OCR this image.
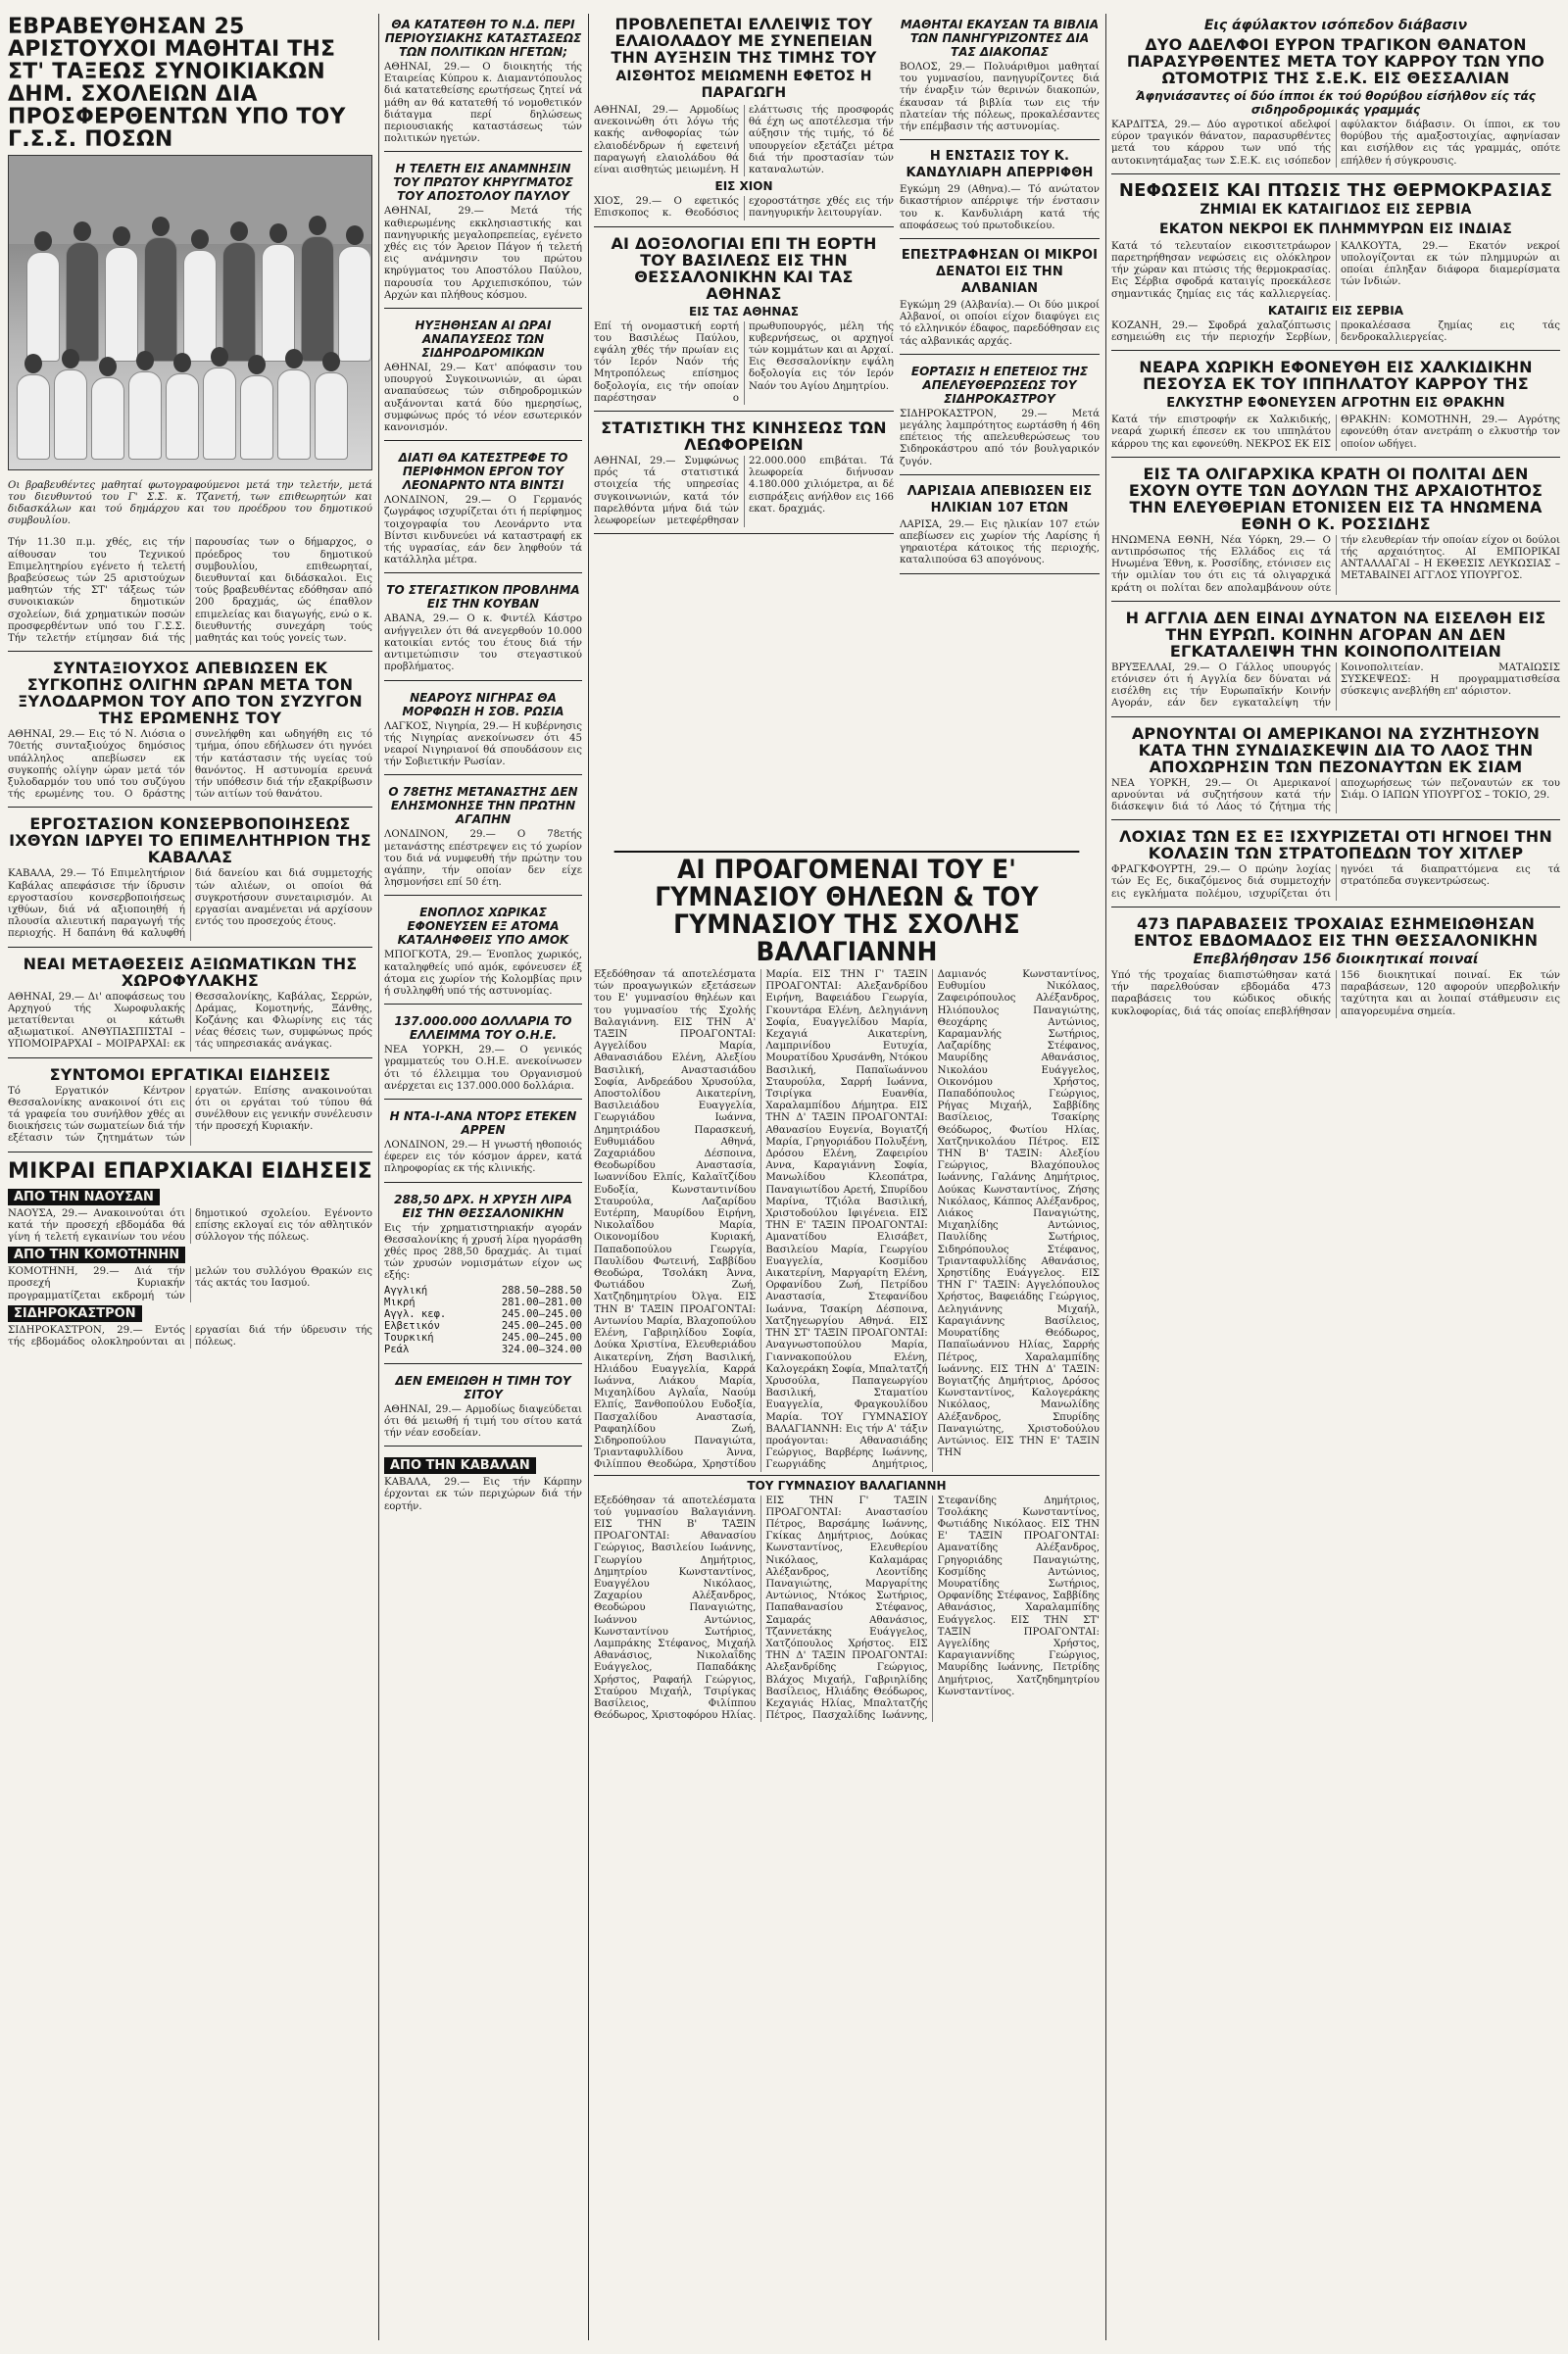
ΕΒΡΑΒΕΥΘΗΣΑΝ 25 ΑΡΙΣΤΟΥΧΟΙ ΜΑΘΗΤΑΙ ΤΗΣ ΣΤ' ΤΑΞΕΩΣ ΣΥΝΟΙΚΙΑΚΩΝ ΔΗΜ. ΣΧΟΛΕΙΩΝ ΔΙΑ ΠΡΟΣΦΕΡΘΕΝΤΩΝ ΥΠΟ ΤΟΥ Γ.Σ.Σ. ΠΟΣΩΝ

Οι βραβευθέντες μαθηταί φωτογραφούμενοι μετά την τελετήν, μετά του διευθυντού του Γ' Σ.Σ. κ. Τζανετή, των επιθεωρητών και διδασκάλων και τού δημάρχου και του προέδρου του δημοτικού συμβουλίου.

Τήν 11.30 π.μ. χθές, εις τήν αίθουσαν του Τεχνικού Επιμελητηρίου εγένετο ή τελετή βραβεύσεως τών 25 αριστούχων μαθητών τής ΣΤ' τάξεως τών συνοικιακών δημοτικών σχολείων, διά χρηματικών ποσών προσφερθέντων υπό του Γ.Σ.Σ. Τήν τελετήν ετίμησαν διά τής παρουσίας των ο δήμαρχος, ο πρόεδρος του δημοτικού συμβουλίου, επιθεωρηταί, διευθυνταί και διδάσκαλοι. Εις τούς βραβευθέντας εδόθησαν από 200 δραχμάς, ώς έπαθλον επιμελείας και διαγωγής, ενώ ο κ. διευθυντής συνεχάρη τούς μαθητάς και τούς γονείς των.

ΣΥΝΤΑΞΙΟΥΧΟΣ ΑΠΕΒΙΩΣΕΝ ΕΚ ΣΥΓΚΟΠΗΣ ΟΛΙΓΗΝ ΩΡΑΝ ΜΕΤΑ ΤΟΝ ΞΥΛΟΔΑΡΜΟΝ ΤΟΥ ΑΠΟ ΤΟΝ ΣΥΖΥΓΟΝ ΤΗΣ ΕΡΩΜΕΝΗΣ ΤΟΥ

ΑΘΗΝΑΙ, 29.— Εις τό Ν. Λιόσια ο 70ετής συνταξιούχος δημόσιος υπάλληλος απεβίωσεν εκ συγκοπής ολίγην ώραν μετά τόν ξυλοδαρμόν του υπό του συζύγου τής ερωμένης του. Ο δράστης συνελήφθη και ωδηγήθη εις τό τμήμα, όπου εδήλωσεν ότι ηγνόει τήν κατάστασιν τής υγείας τού θανόντος. Η αστυνομία ερευνά τήν υπόθεσιν διά τήν εξακρίβωσιν τών αιτίων τού θανάτου.

ΕΡΓΟΣΤΑΣΙΟΝ ΚΟΝΣΕΡΒΟΠΟΙΗΣΕΩΣ ΙΧΘΥΩΝ ΙΔΡΥΕΙ ΤΟ ΕΠΙΜΕΛΗΤΗΡΙΟΝ ΤΗΣ ΚΑΒΑΛΑΣ

ΚΑΒΑΛΑ, 29.— Τό Επιμελητήριον Καβάλας απεφάσισε τήν ίδρυσιν εργοστασίου κονσερβοποιήσεως ιχθύων, διά νά αξιοποιηθή ή πλουσία αλιευτική παραγωγή τής περιοχής. Η δαπάνη θά καλυφθή διά δανείου και διά συμμετοχής τών αλιέων, οι οποίοι θά συγκροτήσουν συνεταιρισμόν. Αι εργασίαι αναμένεται νά αρχίσουν εντός του προσεχούς έτους.

ΝΕΑΙ ΜΕΤΑΘΕΣΕΙΣ ΑΞΙΩΜΑΤΙΚΩΝ ΤΗΣ ΧΩΡΟΦΥΛΑΚΗΣ

ΑΘΗΝΑΙ, 29.— Δι' αποφάσεως του Αρχηγού τής Χωροφυλακής μετατίθενται οι κάτωθι αξιωματικοί. ΑΝΘΥΠΑΣΠΙΣΤΑΙ – ΥΠΟΜΟΙΡΑΡΧΑΙ – ΜΟΙΡΑΡΧΑΙ: εκ Θεσσαλονίκης, Καβάλας, Σερρών, Δράμας, Κομοτηνής, Ξάνθης, Κοζάνης και Φλωρίνης εις τάς νέας θέσεις των, συμφώνως πρός τάς υπηρεσιακάς ανάγκας.

ΣΥΝΤΟΜΟΙ ΕΡΓΑΤΙΚΑΙ ΕΙΔΗΣΕΙΣ

Τό Εργατικόν Κέντρον Θεσσαλονίκης ανακοινοί ότι εις τά γραφεία του συνήλθον χθές αι διοικήσεις τών σωματείων διά τήν εξέτασιν τών ζητημάτων τών εργατών. Επίσης ανακοινούται ότι οι εργάται τού τύπου θά συνέλθουν εις γενικήν συνέλευσιν τήν προσεχή Κυριακήν.

ΜΙΚΡΑΙ ΕΠΑΡΧΙΑΚΑΙ ΕΙΔΗΣΕΙΣ
ΑΠΟ ΤΗΝ ΝΑΟΥΣΑΝ

ΝΑΟΥΣΑ, 29.— Ανακοινούται ότι κατά τήν προσεχή εβδομάδα θά γίνη ή τελετή εγκαινίων του νέου δημοτικού σχολείου. Εγένοντο επίσης εκλογαί εις τόν αθλητικόν σύλλογον τής πόλεως.

ΑΠΟ ΤΗΝ ΚΟΜΟΤΗΝΗΝ

ΚΟΜΟΤΗΝΗ, 29.— Διά τήν προσεχή Κυριακήν προγραμματίζεται εκδρομή τών μελών του συλλόγου Θρακών εις τάς ακτάς του Ιασμού.

ΣΙΔΗΡΟΚΑΣΤΡΟΝ

ΣΙΔΗΡΟΚΑΣΤΡΟΝ, 29.— Εντός τής εβδομάδος ολοκληρούνται αι εργασίαι διά τήν ύδρευσιν τής πόλεως.

ΘΑ ΚΑΤΑΤΕΘΗ ΤΟ Ν.Δ. ΠΕΡΙ ΠΕΡΙΟΥΣΙΑΚΗΣ ΚΑΤΑΣΤΑΣΕΩΣ ΤΩΝ ΠΟΛΙΤΙΚΩΝ ΗΓΕΤΩΝ;

ΑΘΗΝΑΙ, 29.— Ο διοικητής τής Εταιρείας Κύπρου κ. Διαμαντόπουλος διά κατατεθείσης ερωτήσεως ζητεί νά μάθη αν θά κατατεθή τό νομοθετικόν διάταγμα περί δηλώσεως περιουσιακής καταστάσεως τών πολιτικών ηγετών.

Η ΤΕΛΕΤΗ ΕΙΣ ΑΝΑΜΝΗΣΙΝ ΤΟΥ ΠΡΩΤΟΥ ΚΗΡΥΓΜΑΤΟΣ ΤΟΥ ΑΠΟΣΤΟΛΟΥ ΠΑΥΛΟΥ

ΑΘΗΝΑΙ, 29.— Μετά τής καθιερωμένης εκκλησιαστικής και πανηγυρικής μεγαλοπρεπείας, εγένετο χθές εις τόν Άρειον Πάγον ή τελετή εις ανάμνησιν του πρώτου κηρύγματος του Αποστόλου Παύλου, παρουσία του Αρχιεπισκόπου, τών Αρχών και πλήθους κόσμου.

ΗΥΞΗΘΗΣΑΝ ΑΙ ΩΡΑΙ ΑΝΑΠΑΥΣΕΩΣ ΤΩΝ ΣΙΔΗΡΟΔΡΟΜΙΚΩΝ

ΑΘΗΝΑΙ, 29.— Κατ' απόφασιν του υπουργού Συγκοινωνιών, αι ώραι αναπαύσεως τών σιδηροδρομικών αυξάνονται κατά δύο ημερησίως, συμφώνως πρός τό νέον εσωτερικόν κανονισμόν.

ΔΙΑΤΙ ΘΑ ΚΑΤΕΣΤΡΕΦΕ ΤΟ ΠΕΡΙΦΗΜΟΝ ΕΡΓΟΝ ΤΟΥ ΛΕΟΝΑΡΝΤΟ ΝΤΑ ΒΙΝΤΣΙ

ΛΟΝΔΙΝΟΝ, 29.— Ο Γερμανός ζωγράφος ισχυρίζεται ότι ή περίφημος τοιχογραφία του Λεονάρντο ντα Βίντσι κινδυνεύει νά καταστραφή εκ τής υγρασίας, εάν δεν ληφθούν τά κατάλληλα μέτρα.

ΤΟ ΣΤΕΓΑΣΤΙΚΟΝ ΠΡΟΒΛΗΜΑ ΕΙΣ ΤΗΝ ΚΟΥΒΑΝ

ΑΒΑΝΑ, 29.— Ο κ. Φιντέλ Κάστρο ανήγγειλεν ότι θά ανεγερθούν 10.000 κατοικίαι εντός του έτους διά τήν αντιμετώπισιν του στεγαστικού προβλήματος.

ΝΕΑΡΟΥΣ ΝΙΓΗΡΑΣ ΘΑ ΜΟΡΦΩΣΗ Η ΣΟΒ. ΡΩΣΙΑ

ΛΑΓΚΟΣ, Νιγηρία, 29.— Η κυβέρνησις τής Νιγηρίας ανεκοίνωσεν ότι 45 νεαροί Νιγηριανοί θά σπουδάσουν εις τήν Σοβιετικήν Ρωσίαν.

Ο 78ΕΤΗΣ ΜΕΤΑΝΑΣΤΗΣ ΔΕΝ ΕΛΗΣΜΟΝΗΣΕ ΤΗΝ ΠΡΩΤΗΝ ΑΓΑΠΗΝ

ΛΟΝΔΙΝΟΝ, 29.— Ο 78ετής μετανάστης επέστρεψεν εις τό χωρίον του διά νά νυμφευθή τήν πρώτην του αγάπην, τήν οποίαν δεν είχε λησμονήσει επί 50 έτη.

ΕΝΟΠΛΟΣ ΧΩΡΙΚΑΣ ΕΦΟΝΕΥΣΕΝ ΕΞ ΑΤΟΜΑ ΚΑΤΑΛΗΦΘΕΙΣ ΥΠΟ ΑΜΟΚ

ΜΠΟΓΚΟΤΑ, 29.— Ένοπλος χωρικός, καταληφθείς υπό αμόκ, εφόνευσεν έξ άτομα εις χωρίον τής Κολομβίας πριν ή συλληφθή υπό τής αστυνομίας.

137.000.000 ΔΟΛΛΑΡΙΑ ΤΟ ΕΛΛΕΙΜΜΑ ΤΟΥ Ο.Η.Ε.

ΝΕΑ ΥΟΡΚΗ, 29.— Ο γενικός γραμματεύς του Ο.Η.Ε. ανεκοίνωσεν ότι τό έλλειμμα του Οργανισμού ανέρχεται εις 137.000.000 δολλάρια.

Η ΝΤΑ-Ι-ΑΝΑ ΝΤΟΡΣ ΕΤΕΚΕΝ ΑΡΡΕΝ

ΛΟΝΔΙΝΟΝ, 29.— Η γνωστή ηθοποιός έφερεν εις τόν κόσμον άρρεν, κατά πληροφορίας εκ τής κλινικής.

288,50 ΔΡΧ. Η ΧΡΥΣΗ ΛΙΡΑ ΕΙΣ ΤΗΝ ΘΕΣΣΑΛΟΝΙΚΗΝ

Εις τήν χρηματιστηριακήν αγοράν Θεσσαλονίκης ή χρυσή λίρα ηγοράσθη χθές προς 288,50 δραχμάς. Αι τιμαί τών χρυσών νομισμάτων είχον ως εξής:

Αγγλική	288.50—288.50
Μικρή	281.00—281.00
Αγγλ. κεφ.	245.00—245.00
Ελβετικόν	245.00—245.00
Τουρκική	245.00—245.00
Ρεάλ	324.00—324.00
ΔΕΝ ΕΜΕΙΩΘΗ Η ΤΙΜΗ ΤΟΥ ΣΙΤΟΥ

ΑΘΗΝΑΙ, 29.— Αρμοδίως διαψεύδεται ότι θά μειωθή ή τιμή του σίτου κατά τήν νέαν εσοδείαν.

ΑΠΟ ΤΗΝ ΚΑΒΑΛΑΝ

ΚΑΒΑΛΑ, 29.— Εις τήν Κάρπην έρχονται εκ τών περιχώρων διά τήν εορτήν.

ΠΡΟΒΛΕΠΕΤΑΙ ΕΛΛΕΙΨΙΣ ΤΟΥ ΕΛΑΙΟΛΑΔΟΥ ΜΕ ΣΥΝΕΠΕΙΑΝ ΤΗΝ ΑΥΞΗΣΙΝ ΤΗΣ ΤΙΜΗΣ ΤΟΥ
ΑΙΣΘΗΤΟΣ ΜΕΙΩΜΕΝΗ ΕΦΕΤΟΣ Η ΠΑΡΑΓΩΓΗ

ΑΘΗΝΑΙ, 29.— Αρμοδίως ανεκοινώθη ότι λόγω τής κακής ανθοφορίας τών ελαιοδένδρων ή εφετεινή παραγωγή ελαιολάδου θά είναι αισθητώς μειωμένη. Η ελάττωσις τής προσφοράς θά έχη ως αποτέλεσμα τήν αύξησιν τής τιμής, τό δέ υπουργείον εξετάζει μέτρα διά τήν προστασίαν τών καταναλωτών.

ΕΙΣ ΧΙΟΝ

ΧΙΟΣ, 29.— Ο εφετικός Επισκοπος κ. Θεοδόσιος εχοροστάτησε χθές εις τήν πανηγυρικήν λειτουργίαν.

ΑΙ ΔΟΞΟΛΟΓΙΑΙ ΕΠΙ ΤΗ ΕΟΡΤΗ ΤΟΥ ΒΑΣΙΛΕΩΣ ΕΙΣ ΤΗΝ ΘΕΣΣΑΛΟΝΙΚΗΝ ΚΑΙ ΤΑΣ ΑΘΗΝΑΣ
ΕΙΣ ΤΑΣ ΑΘΗΝΑΣ

Επί τή ονομαστική εορτή του Βασιλέως Παύλου, εψάλη χθές τήν πρωίαν εις τόν Ιερόν Ναόν τής Μητροπόλεως επίσημος δοξολογία, εις τήν οποίαν παρέστησαν ο πρωθυπουργός, μέλη τής κυβερνήσεως, οι αρχηγοί τών κομμάτων και αι Αρχαί. Εις Θεσσαλονίκην εψάλη δοξολογία εις τόν Ιερόν Ναόν του Αγίου Δημητρίου.

ΣΤΑΤΙΣΤΙΚΗ ΤΗΣ ΚΙΝΗΣΕΩΣ ΤΩΝ ΛΕΩΦΟΡΕΙΩΝ

ΑΘΗΝΑΙ, 29.— Συμφώνως πρός τά στατιστικά στοιχεία τής υπηρεσίας συγκοινωνιών, κατά τόν παρελθόντα μήνα διά τών λεωφορείων μετεφέρθησαν 22.000.000 επιβάται. Τά λεωφορεία διήνυσαν 4.180.000 χιλιόμετρα, αι δέ εισπράξεις ανήλθον εις 166 εκατ. δραχμάς.

ΜΑΘΗΤΑΙ ΕΚΑΥΣΑΝ ΤΑ ΒΙΒΛΙΑ ΤΩΝ ΠΑΝΗΓΥΡΙΖΟΝΤΕΣ ΔΙΑ ΤΑΣ ΔΙΑΚΟΠΑΣ

ΒΟΛΟΣ, 29.— Πολυάριθμοι μαθηταί του γυμνασίου, πανηγυρίζοντες διά τήν έναρξιν τών θερινών διακοπών, έκαυσαν τά βιβλία των εις τήν πλατείαν τής πόλεως, προκαλέσαντες τήν επέμβασιν τής αστυνομίας.

Η ΕΝΣΤΑΣΙΣ ΤΟΥ Κ. ΚΑΝΔΥΛΙΑΡΗ ΑΠΕΡΡΙΦΘΗ

Εγκώμη 29 (Αθηνα).— Τό ανώτατον δικαστήριον απέρριψε τήν ένστασιν του κ. Κανδυλιάρη κατά τής αποφάσεως τού πρωτοδικείου.

ΕΠΕΣΤΡΑΦΗΣΑΝ ΟΙ ΜΙΚΡΟΙ ΔΕΝΑΤΟΙ ΕΙΣ ΤΗΝ ΑΛΒΑΝΙΑΝ

Εγκώμη 29 (Αλβανία).— Οι δύο μικροί Αλβανοί, οι οποίοι είχον διαφύγει εις τό ελληνικόν έδαφος, παρεδόθησαν εις τάς αλβανικάς αρχάς.

ΕΟΡΤΑΣΙΣ Η ΕΠΕΤΕΙΟΣ ΤΗΣ ΑΠΕΛΕΥΘΕΡΩΣΕΩΣ ΤΟΥ ΣΙΔΗΡΟΚΑΣΤΡΟΥ

ΣΙΔΗΡΟΚΑΣΤΡΟΝ, 29.— Μετά μεγάλης λαμπρότητος εωρτάσθη ή 46η επέτειος τής απελευθερώσεως του Σιδηροκάστρου από τόν βουλγαρικόν ζυγόν.

ΛΑΡΙΣΑΙΑ ΑΠΕΒΙΩΣΕΝ ΕΙΣ ΗΛΙΚΙΑΝ 107 ΕΤΩΝ

ΛΑΡΙΣΑ, 29.— Εις ηλικίαν 107 ετών απεβίωσεν εις χωρίον τής Λαρίσης ή γηραιοτέρα κάτοικος τής περιοχής, καταλιπούσα 63 απογόνους.

ΑΙ ΠΡΟΑΓΟΜΕΝΑΙ ΤΟΥ Ε' ΓΥΜΝΑΣΙΟΥ ΘΗΛΕΩΝ & ΤΟΥ ΓΥΜΝΑΣΙΟΥ ΤΗΣ ΣΧΟΛΗΣ ΒΑΛΑΓΙΑΝΝΗ

Εξεδόθησαν τά αποτελέσματα τών προαγωγικών εξετάσεων του Ε' γυμνασίου θηλέων και του γυμνασίου τής Σχολής Βαλαγιάννη. ΕΙΣ ΤΗΝ Α' ΤΑΞΙΝ ΠΡΟΑΓΟΝΤΑΙ: Αγγελίδου Μαρία, Αθανασιάδου Ελένη, Αλεξίου Βασιλική, Αναστασιάδου Σοφία, Ανδρεάδου Χρυσούλα, Αποστολίδου Αικατερίνη, Βασιλειάδου Ευαγγελία, Γεωργιάδου Ιωάννα, Δημητριάδου Παρασκευή, Ευθυμιάδου Αθηνά, Ζαχαριάδου Δέσποινα, Θεοδωρίδου Αναστασία, Ιωαννίδου Ελπίς, Καλαϊτζίδου Ευδοξία, Κωνσταντινίδου Σταυρούλα, Λαζαρίδου Ευτέρπη, Μαυρίδου Ειρήνη, Νικολαΐδου Μαρία, Οικονομίδου Κυριακή, Παπαδοπούλου Γεωργία, Παυλίδου Φωτεινή, Σαββίδου Θεοδώρα, Τσολάκη Άννα, Φωτιάδου Ζωή, Χατζηδημητρίου Όλγα. ΕΙΣ ΤΗΝ Β' ΤΑΞΙΝ ΠΡΟΑΓΟΝΤΑΙ: Αντωνίου Μαρία, Βλαχοπούλου Ελένη, Γαβριηλίδου Σοφία, Δούκα Χριστίνα, Ελευθεριάδου Αικατερίνη, Ζήση Βασιλική, Ηλιάδου Ευαγγελία, Καρρά Ιωάννα, Λιάκου Μαρία, Μιχαηλίδου Αγλαΐα, Ναούμ Ελπίς, Ξανθοπούλου Ευδοξία, Πασχαλίδου Αναστασία, Ραφαηλίδου Ζωή, Σιδηροπούλου Παναγιώτα, Τριανταφυλλίδου Άννα, Φιλίππου Θεοδώρα, Χρηστίδου Μαρία. ΕΙΣ ΤΗΝ Γ' ΤΑΞΙΝ ΠΡΟΑΓΟΝΤΑΙ: Αλεξανδρίδου Ειρήνη, Βαφειάδου Γεωργία, Γκουντάρα Ελένη, Δεληγιάννη Σοφία, Ευαγγελίδου Μαρία, Κεχαγιά Αικατερίνη, Λαμπρινίδου Ευτυχία, Μουρατίδου Χρυσάνθη, Ντόκου Βασιλική, Παπαϊωάννου Σταυρούλα, Σαρρή Ιωάννα, Τσιρίγκα Ευανθία, Χαραλαμπίδου Δήμητρα. ΕΙΣ ΤΗΝ Δ' ΤΑΞΙΝ ΠΡΟΑΓΟΝΤΑΙ: Αθανασίου Ευγενία, Βογιατζή Μαρία, Γρηγοριάδου Πολυξένη, Δρόσου Ελένη, Ζαφειρίου Αννα, Καραγιάννη Σοφία, Μανωλίδου Κλεοπάτρα, Παναγιωτίδου Αρετή, Σπυρίδου Μαρίνα, Τζιόλα Βασιλική, Χριστοδούλου Ιφιγένεια. ΕΙΣ ΤΗΝ Ε' ΤΑΞΙΝ ΠΡΟΑΓΟΝΤΑΙ: Αμανατίδου Ελισάβετ, Βασιλείου Μαρία, Γεωργίου Ευαγγελία, Κοσμίδου Αικατερίνη, Μαργαρίτη Ελένη, Ορφανίδου Ζωή, Πετρίδου Αναστασία, Στεφανίδου Ιωάννα, Τσακίρη Δέσποινα, Χατζηγεωργίου Αθηνά. ΕΙΣ ΤΗΝ ΣΤ' ΤΑΞΙΝ ΠΡΟΑΓΟΝΤΑΙ: Αναγνωστοπούλου Μαρία, Γιαννακοπούλου Ελένη, Καλογεράκη Σοφία, Μπαλτατζή Χρυσούλα, Παπαγεωργίου Βασιλική, Σταματίου Ευαγγελία, Φραγκουλίδου Μαρία. ΤΟΥ ΓΥΜΝΑΣΙΟΥ ΒΑΛΑΓΙΑΝΝΗ: Εις τήν Α' τάξιν προάγονται: Αθανασιάδης Γεώργιος, Βαρβέρης Ιωάννης, Γεωργιάδης Δημήτριος, Δαμιανός Κωνσταντίνος, Ευθυμίου Νικόλαος, Ζαφειρόπουλος Αλέξανδρος, Ηλιόπουλος Παναγιώτης, Θεοχάρης Αντώνιος, Καραμανλής Σωτήριος, Λαζαρίδης Στέφανος, Μαυρίδης Αθανάσιος, Νικολάου Ευάγγελος, Οικονόμου Χρήστος, Παπαδόπουλος Γεώργιος, Ρήγας Μιχαήλ, Σαββίδης Βασίλειος, Τσακίρης Θεόδωρος, Φωτίου Ηλίας, Χατζηνικολάου Πέτρος. ΕΙΣ ΤΗΝ Β' ΤΑΞΙΝ: Αλεξίου Γεώργιος, Βλαχόπουλος Ιωάννης, Γαλάνης Δημήτριος, Δούκας Κωνσταντίνος, Ζήσης Νικόλαος, Κάππος Αλέξανδρος, Λιάκος Παναγιώτης, Μιχαηλίδης Αντώνιος, Παυλίδης Σωτήριος, Σιδηρόπουλος Στέφανος, Τριανταφυλλίδης Αθανάσιος, Χρηστίδης Ευάγγελος. ΕΙΣ ΤΗΝ Γ' ΤΑΞΙΝ: Αγγελόπουλος Χρήστος, Βαφειάδης Γεώργιος, Δεληγιάννης Μιχαήλ, Καραγιάννης Βασίλειος, Μουρατίδης Θεόδωρος, Παπαϊωάννου Ηλίας, Σαρρής Πέτρος, Χαραλαμπίδης Ιωάννης. ΕΙΣ ΤΗΝ Δ' ΤΑΞΙΝ: Βογιατζής Δημήτριος, Δρόσος Κωνσταντίνος, Καλογεράκης Νικόλαος, Μανωλίδης Αλέξανδρος, Σπυρίδης Παναγιώτης, Χριστοδούλου Αντώνιος. ΕΙΣ ΤΗΝ Ε' ΤΑΞΙΝ ΤΗΝ

ΤΟΥ ΓΥΜΝΑΣΙΟΥ ΒΑΛΑΓΙΑΝΝΗ

Εξεδόθησαν τά αποτελέσματα τού γυμνασίου Βαλαγιάννη. ΕΙΣ ΤΗΝ Β' ΤΑΞΙΝ ΠΡΟΑΓΟΝΤΑΙ: Αθανασίου Γεώργιος, Βασιλείου Ιωάννης, Γεωργίου Δημήτριος, Δημητρίου Κωνσταντίνος, Ευαγγέλου Νικόλαος, Ζαχαρίου Αλέξανδρος, Θεοδώρου Παναγιώτης, Ιωάννου Αντώνιος, Κωνσταντίνου Σωτήριος, Λαμπράκης Στέφανος, Μιχαήλ Αθανάσιος, Νικολαΐδης Ευάγγελος, Παπαδάκης Χρήστος, Ραφαήλ Γεώργιος, Σταύρου Μιχαήλ, Τσιρίγκας Βασίλειος, Φιλίππου Θεόδωρος, Χριστοφόρου Ηλίας. ΕΙΣ ΤΗΝ Γ' ΤΑΞΙΝ ΠΡΟΑΓΟΝΤΑΙ: Αναστασίου Πέτρος, Βαρσάμης Ιωάννης, Γκίκας Δημήτριος, Δούκας Κωνσταντίνος, Ελευθερίου Νικόλαος, Καλαμάρας Αλέξανδρος, Λεοντίδης Παναγιώτης, Μαργαρίτης Αντώνιος, Ντόκος Σωτήριος, Παπαθανασίου Στέφανος, Σαμαράς Αθανάσιος, Τζαννετάκης Ευάγγελος, Χατζόπουλος Χρήστος. ΕΙΣ ΤΗΝ Δ' ΤΑΞΙΝ ΠΡΟΑΓΟΝΤΑΙ: Αλεξανδρίδης Γεώργιος, Βλάχος Μιχαήλ, Γαβριηλίδης Βασίλειος, Ηλιάδης Θεόδωρος, Κεχαγιάς Ηλίας, Μπαλτατζής Πέτρος, Πασχαλίδης Ιωάννης, Στεφανίδης Δημήτριος, Τσολάκης Κωνσταντίνος, Φωτιάδης Νικόλαος. ΕΙΣ ΤΗΝ Ε' ΤΑΞΙΝ ΠΡΟΑΓΟΝΤΑΙ: Αμανατίδης Αλέξανδρος, Γρηγοριάδης Παναγιώτης, Κοσμίδης Αντώνιος, Μουρατίδης Σωτήριος, Ορφανίδης Στέφανος, Σαββίδης Αθανάσιος, Χαραλαμπίδης Ευάγγελος. ΕΙΣ ΤΗΝ ΣΤ' ΤΑΞΙΝ ΠΡΟΑΓΟΝΤΑΙ: Αγγελίδης Χρήστος, Καραγιαννίδης Γεώργιος, Μαυρίδης Ιωάννης, Πετρίδης Δημήτριος, Χατζηδημητρίου Κωνσταντίνος.

Εις άφύλακτον ισόπεδον διάβασιν
ΔΥΟ ΑΔΕΛΦΟΙ ΕΥΡΟΝ ΤΡΑΓΙΚΟΝ ΘΑΝΑΤΟΝ ΠΑΡΑΣΥΡΘΕΝΤΕΣ ΜΕΤΑ ΤΟΥ ΚΑΡΡΟΥ ΤΩΝ ΥΠΟ ΩΤΟΜΟΤΡΙΣ ΤΗΣ Σ.Ε.Κ. ΕΙΣ ΘΕΣΣΑΛΙΑΝ
Άφηνιάσαντες οί δύο ίπποι έκ τού θορύβου είσήλθον είς τάς σιδηροδρομικάς γραμμάς

ΚΑΡΔΙΤΣΑ, 29.— Δύο αγροτικοί αδελφοί εύρον τραγικόν θάνατον, παρασυρθέντες μετά του κάρρου των υπό τής αυτοκινητάμαξας των Σ.Ε.Κ. εις ισόπεδον αφύλακτον διάβασιν. Οι ίπποι, εκ του θορύβου τής αμαξοστοιχίας, αφηνίασαν και εισήλθον εις τάς γραμμάς, οπότε επήλθεν ή σύγκρουσις.

ΝΕΦΩΣΕΙΣ ΚΑΙ ΠΤΩΣΙΣ ΤΗΣ ΘΕΡΜΟΚΡΑΣΙΑΣ
ΖΗΜΙΑΙ ΕΚ ΚΑΤΑΙΓΙΔΟΣ ΕΙΣ ΣΕΡΒΙΑ
ΕΚΑΤΟΝ ΝΕΚΡΟΙ ΕΚ ΠΛΗΜΜΥΡΩΝ ΕΙΣ ΙΝΔΙΑΣ

Κατά τό τελευταίον εικοσιτετράωρον παρετηρήθησαν νεφώσεις εις ολόκληρον τήν χώραν και πτώσις τής θερμοκρασίας. Εις Σέρβια σφοδρά καταιγίς προεκάλεσε σημαντικάς ζημίας εις τάς καλλιεργείας. ΚΑΛΚΟΥΤΑ, 29.— Εκατόν νεκροί υπολογίζονται εκ τών πλημμυρών αι οποίαι έπληξαν διάφορα διαμερίσματα τών Ινδιών.

ΚΑΤΑΙΓΙΣ ΕΙΣ ΣΕΡΒΙΑ

ΚΟΖΑΝΗ, 29.— Σφοδρά χαλαζόπτωσις εσημειώθη εις τήν περιοχήν Σερβίων, προκαλέσασα ζημίας εις τάς δενδροκαλλιεργείας.

ΝΕΑΡΑ ΧΩΡΙΚΗ ΕΦΟΝΕΥΘΗ ΕΙΣ ΧΑΛΚΙΔΙΚΗΝ ΠΕΣΟΥΣΑ ΕΚ ΤΟΥ ΙΠΠΗΛΑΤΟΥ ΚΑΡΡΟΥ ΤΗΣ
ΕΛΚΥΣΤΗΡ ΕΦΟΝΕΥΣΕΝ ΑΓΡΟΤΗΝ ΕΙΣ ΘΡΑΚΗΝ

Κατά τήν επιστροφήν εκ Χαλκιδικής, νεαρά χωρική έπεσεν εκ του ιππηλάτου κάρρου της και εφονεύθη. ΝΕΚΡΟΣ ΕΚ ΕΙΣ ΘΡΑΚΗΝ: ΚΟΜΟΤΗΝΗ, 29.— Αγρότης εφονεύθη όταν ανετράπη ο ελκυστήρ τον οποίον ωδήγει.

ΕΙΣ ΤΑ ΟΛΙΓΑΡΧΙΚΑ ΚΡΑΤΗ ΟΙ ΠΟΛΙΤΑΙ ΔΕΝ ΕΧΟΥΝ ΟΥΤΕ ΤΩΝ ΔΟΥΛΩΝ ΤΗΣ ΑΡΧΑΙΟΤΗΤΟΣ ΤΗΝ ΕΛΕΥΘΕΡΙΑΝ ΕΤΟΝΙΣΕΝ ΕΙΣ ΤΑ ΗΝΩΜΕΝΑ ΕΘΝΗ Ο Κ. ΡΟΣΣΙΔΗΣ

ΗΝΩΜΕΝΑ ΕΘΝΗ, Νέα Υόρκη, 29.— Ο αντιπρόσωπος τής Ελλάδος εις τά Ηνωμένα Έθνη, κ. Ροσσίδης, ετόνισεν εις τήν ομιλίαν του ότι εις τά ολιγαρχικά κράτη οι πολίται δεν απολαμβάνουν ούτε τήν ελευθερίαν τήν οποίαν είχον οι δούλοι τής αρχαιότητος. ΑΙ ΕΜΠΟΡΙΚΑΙ ΑΝΤΑΛΛΑΓΑΙ – Η ΕΚΘΕΣΙΣ ΛΕΥΚΩΣΙΑΣ – ΜΕΤΑΒΑΙΝΕΙ ΑΓΓΛΟΣ ΥΠΟΥΡΓΟΣ.

Η ΑΓΓΛΙΑ ΔΕΝ ΕΙΝΑΙ ΔΥΝΑΤΟΝ ΝΑ ΕΙΣΕΛΘΗ ΕΙΣ ΤΗΝ ΕΥΡΩΠ. ΚΟΙΝΗΝ ΑΓΟΡΑΝ ΑΝ ΔΕΝ ΕΓΚΑΤΑΛΕΙΨΗ ΤΗΝ ΚΟΙΝΟΠΟΛΙΤΕΙΑΝ

ΒΡΥΞΕΛΛΑΙ, 29.— Ο Γάλλος υπουργός ετόνισεν ότι ή Αγγλία δεν δύναται νά εισέλθη εις τήν Ευρωπαϊκήν Κοινήν Αγοράν, εάν δεν εγκαταλείψη τήν Κοινοπολιτείαν. ΜΑΤΑΙΩΣΙΣ ΣΥΣΚΕΨΕΩΣ: Η προγραμματισθείσα σύσκεψις ανεβλήθη επ' αόριστον.

ΑΡΝΟΥΝΤΑΙ ΟΙ ΑΜΕΡΙΚΑΝΟΙ ΝΑ ΣΥΖΗΤΗΣΟΥΝ ΚΑΤΑ ΤΗΝ ΣΥΝΔΙΑΣΚΕΨΙΝ ΔΙΑ ΤΟ ΛΑΟΣ ΤΗΝ ΑΠΟΧΩΡΗΣΙΝ ΤΩΝ ΠΕΖΟΝΑΥΤΩΝ ΕΚ ΣΙΑΜ

ΝΕΑ ΥΟΡΚΗ, 29.— Οι Αμερικανοί αρνούνται νά συζητήσουν κατά τήν διάσκεψιν διά τό Λάος τό ζήτημα τής αποχωρήσεως τών πεζοναυτών εκ του Σιάμ. Ο ΙΑΠΩΝ ΥΠΟΥΡΓΟΣ – ΤΟΚΙΟ, 29.

ΛΟΧΙΑΣ ΤΩΝ ΕΣ ΕΞ ΙΣΧΥΡΙΖΕΤΑΙ ΟΤΙ ΗΓΝΟΕΙ ΤΗΝ ΚΟΛΑΣΙΝ ΤΩΝ ΣΤΡΑΤΟΠΕΔΩΝ ΤΟΥ ΧΙΤΛΕΡ

ΦΡΑΓΚΦΟΥΡΤΗ, 29.— Ο πρώην λοχίας τών Ες Ες, δικαζόμενος διά συμμετοχήν εις εγκλήματα πολέμου, ισχυρίζεται ότι ηγνόει τά διαπραττόμενα εις τά στρατόπεδα συγκεντρώσεως.

473 ΠΑΡΑΒΑΣΕΙΣ ΤΡΟΧΑΙΑΣ ΕΣΗΜΕΙΩΘΗΣΑΝ ΕΝΤΟΣ ΕΒΔΟΜΑΔΟΣ ΕΙΣ ΤΗΝ ΘΕΣΣΑΛΟΝΙΚΗΝ
Επεβλήθησαν 156 διοικητικαί ποιναί

Υπό τής τροχαίας διαπιστώθησαν κατά τήν παρελθούσαν εβδομάδα 473 παραβάσεις του κώδικος οδικής κυκλοφορίας, διά τάς οποίας επεβλήθησαν 156 διοικητικαί ποιναί. Εκ τών παραβάσεων, 120 αφορούν υπερβολικήν ταχύτητα και αι λοιπαί στάθμευσιν εις απαγορευμένα σημεία.
